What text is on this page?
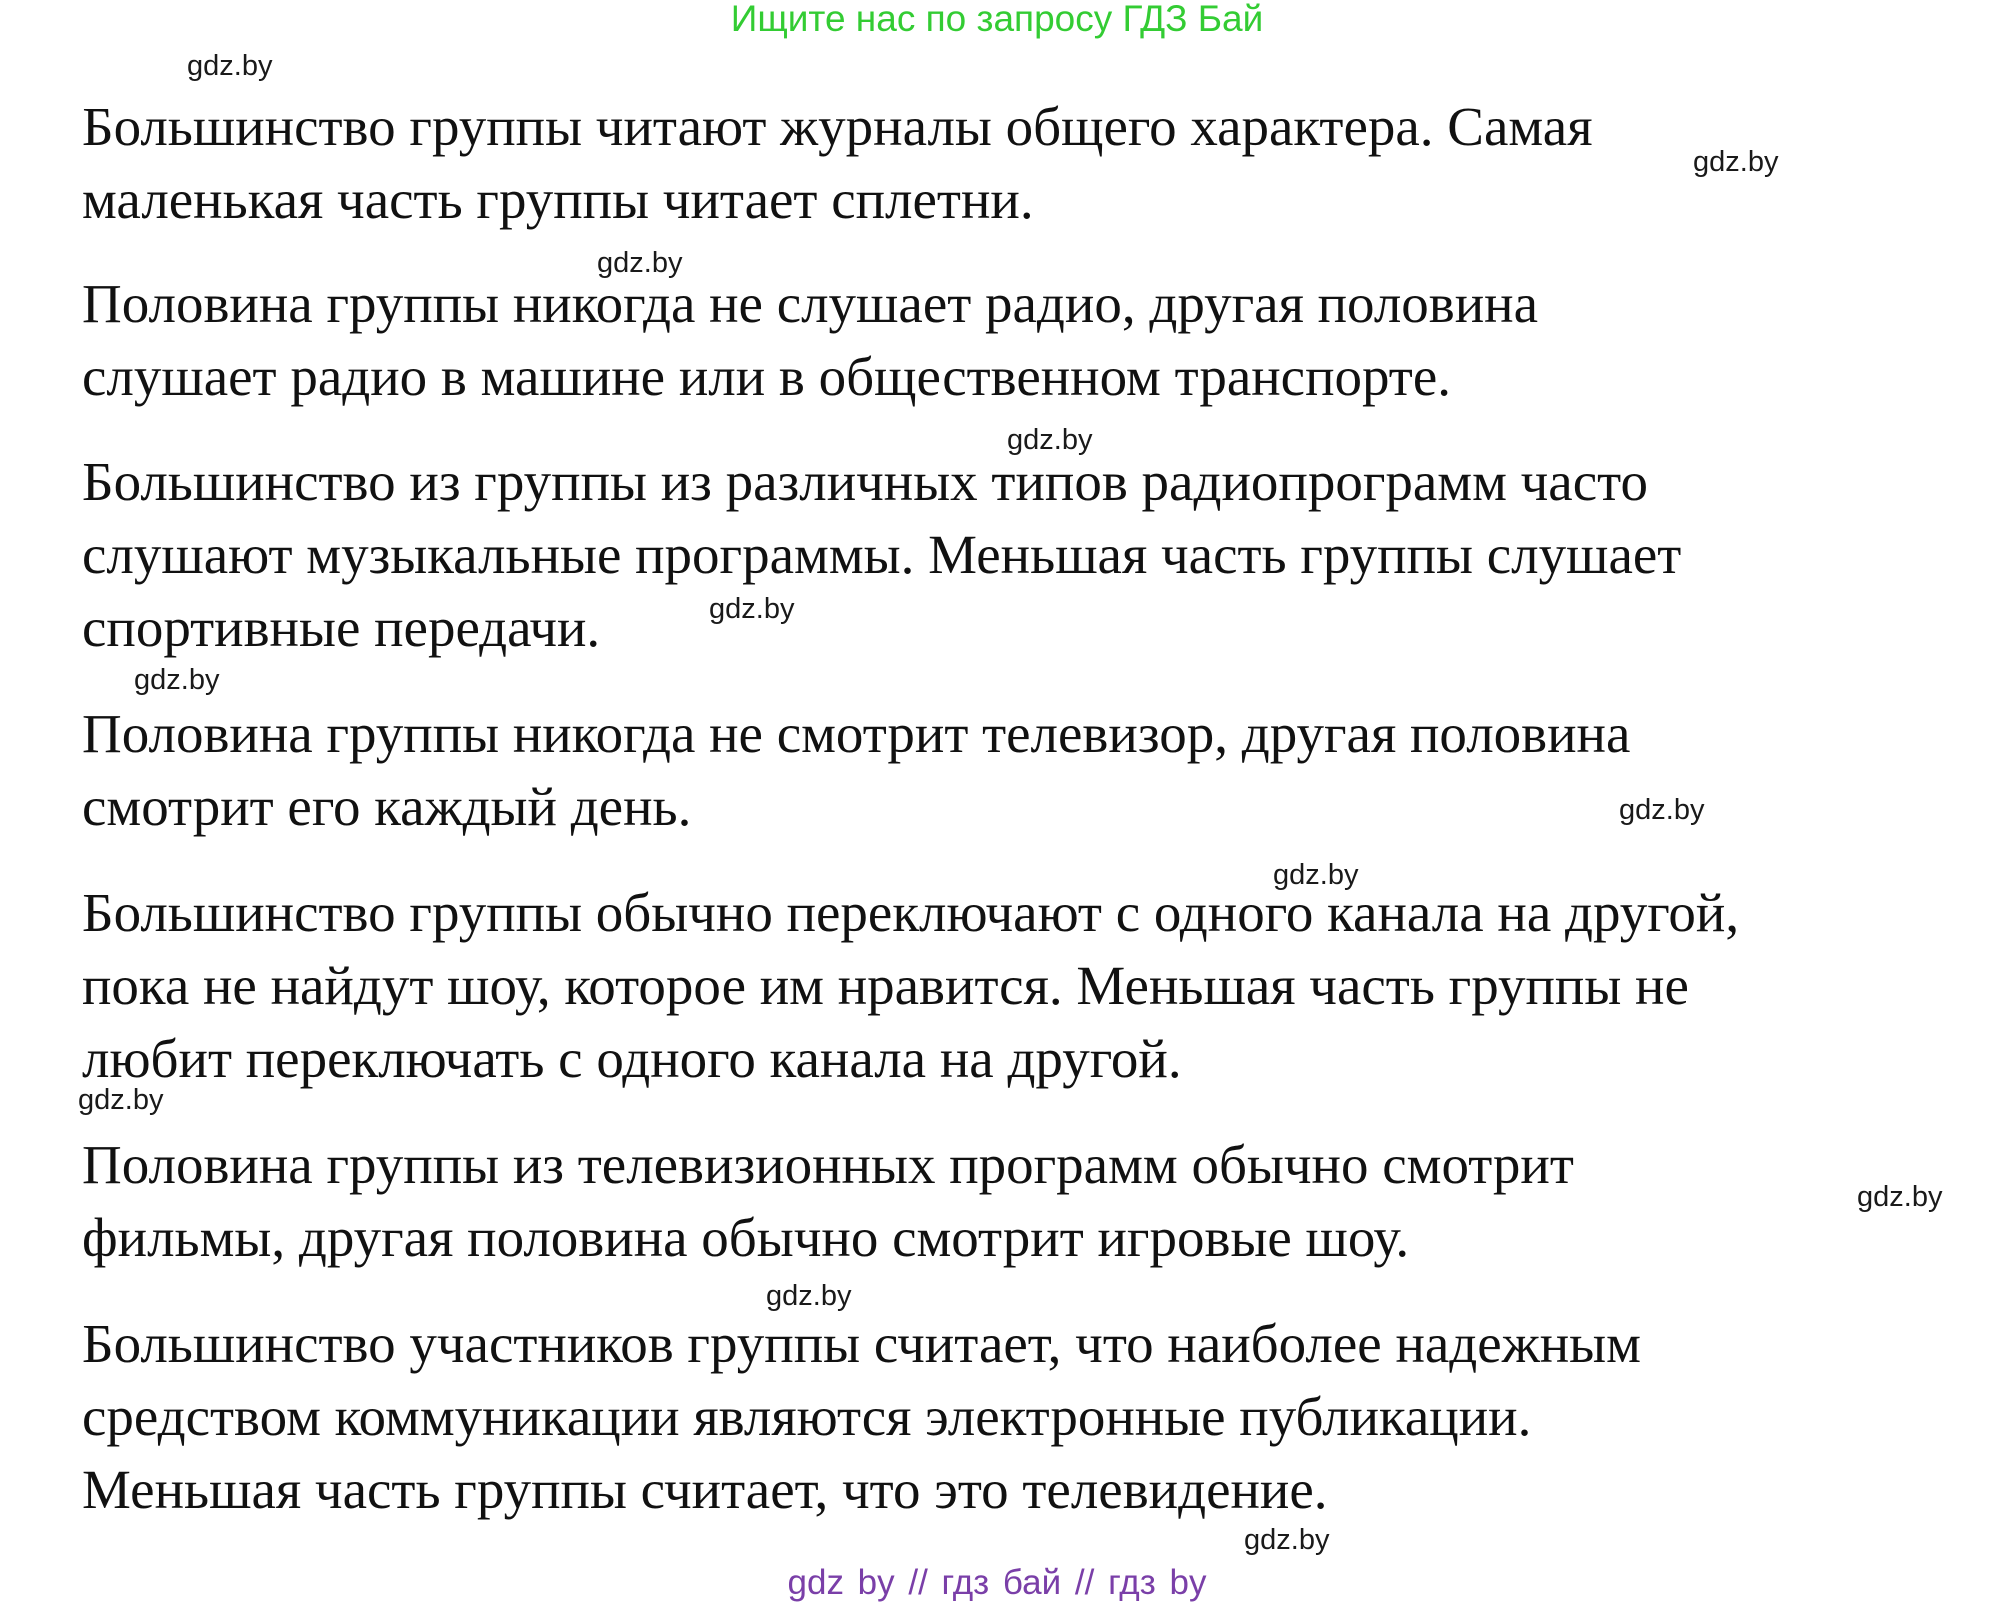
Ищите нас по запросу ГДЗ Бай
gdz.by
gdz.by
gdz.by
gdz.by
gdz.by
gdz.by
gdz.by
gdz.by
gdz.by
gdz.by
gdz.by
gdz.by

Большинство группы читают журналы общего характера. Самая
маленькая часть группы читает сплетни.

Половина группы никогда не слушает радио, другая половина
слушает радио в машине или в общественном транспорте.

Большинство из группы из различных типов радиопрограмм часто
слушают музыкальные программы. Меньшая часть группы слушает
спортивные передачи.

Половина группы никогда не смотрит телевизор, другая половина
смотрит его каждый день.

Большинство группы обычно переключают с одного канала на другой,
пока не найдут шоу, которое им нравится. Меньшая часть группы не
любит переключать с одного канала на другой.

Половина группы из телевизионных программ обычно смотрит
фильмы, другая половина обычно смотрит игровые шоу.

Большинство участников группы считает, что наиболее надежным
средством коммуникации являются электронные публикации.
Меньшая часть группы считает, что это телевидение.

gdz by // гдз бай // гдз by
